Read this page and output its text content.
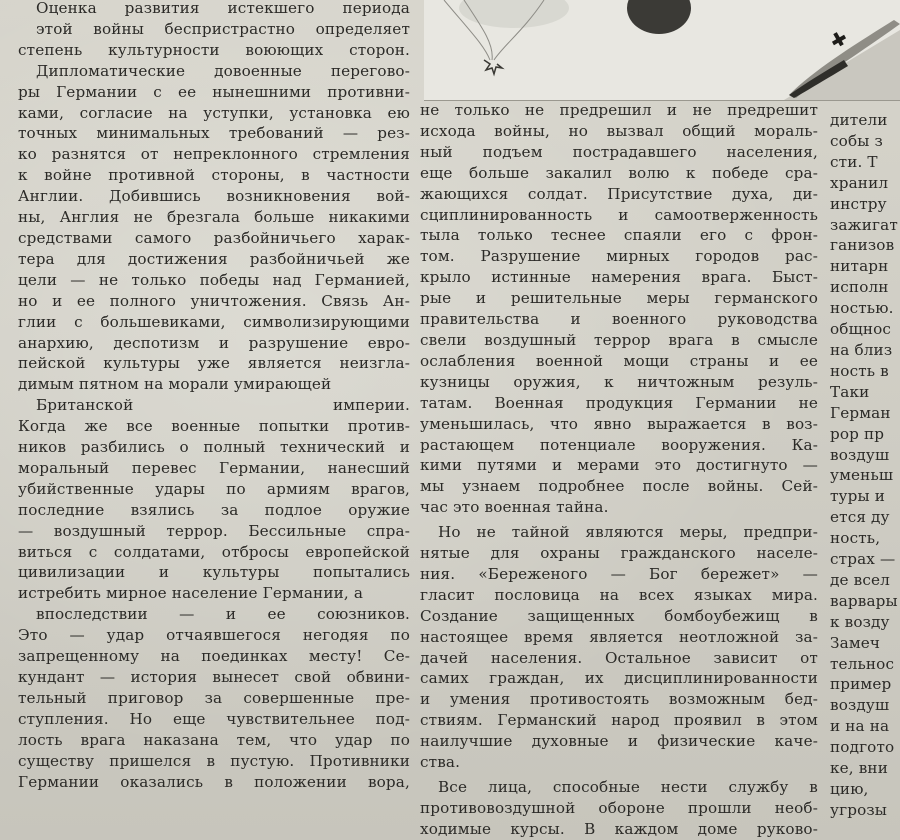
Оценка развития истекшего периода
этой войны беспристрастно определяет
степень культурности воюющих сторон.
Дипломатические довоенные перегово-
ры Германии с ее нынешними противни-
ками, согласие на уступки, установка ею
точных минимальных требований — рез-
ко разнятся от непреклонного стремления
к войне противной стороны, в частности
Англии. Добившись возникновения вой-
ны, Англия не брезгала больше никакими
средствами самого разбойничьего харак-
тера для достижения разбойничьей же
цели — не только победы над Германией,
но и ее полного уничтожения. Связь Ан-
глии с большевиками, символизирующими
анархию, деспотизм и разрушение евро-
пейской культуры уже является неизгла-
димым пятном на морали умирающей
Британской империи.
Когда же все военные попытки против-
ников разбились о полный технический и
моральный перевес Германии, нанесший
убийственные удары по армиям врагов,
последние взялись за подлое оружие
— воздушный террор. Бессильные спра-
виться с солдатами, отбросы европейской
цивилизации и культуры попытались
истребить мирное население Германии, а
впоследствии — и ее союзников.
Это — удар отчаявшегося негодяя по
запрещенному на поединках месту! Се-
кундант — история вынесет свой обвини-
тельный приговор за совершенные пре-
ступления. Но еще чувствительнее под-
лость врага наказана тем, что удар по
существу пришелся в пустую. Противники
Германии оказались в положении вора,
не только не предрешил и не предрешит
исхода войны, но вызвал общий мораль-
ный подъем пострадавшего населения,
еще больше закалил волю к победе сра-
жающихся солдат. Присутствие духа, ди-
сциплинированность и самоотверженность
тыла только теснее спаяли его с фрон-
том. Разрушение мирных городов рас-
крыло истинные намерения врага. Быст-
рые и решительные меры германского
правительства и военного руководства
свели воздушный террор врага в смысле
ослабления военной мощи страны и ее
кузницы оружия, к ничтожным резуль-
татам. Военная продукция Германии не
уменьшилась, что явно выражается в воз-
растающем потенциале вооружения. Ка-
кими путями и мерами это достигнуто —
мы узнаем подробнее после войны. Сей-
час это военная тайна.
Но не тайной являются меры, предпри-
нятые для охраны гражданского населе-
ния. «Береженого — Бог бережет» —
гласит пословица на всех языках мира.
Создание защищенных бомбоубежищ в
настоящее время является неотложной за-
дачей населения. Остальное зависит от
самих граждан, их дисциплинированности
и умения противостоять возможным бед-
ствиям. Германский народ проявил в этом
наилучшие духовные и физические каче-
ства.
Все лица, способные нести службу в
противовоздушной обороне прошли необ-
ходимые курсы. В каждом доме руково-
дители
собы з
сти. Т
хранил
инстру
зажигат
ганизов
нитарн
исполн
ностью.
общнос
на близ
ность в
Таки
Герман
рор пр
воздуш
уменьш
туры и
ется ду
ность,
страх —
де всел
варвары
к возду
Замеч
тельнос
пример
воздуш
и на на
подгото
ке, вни
цию,
угрозы
